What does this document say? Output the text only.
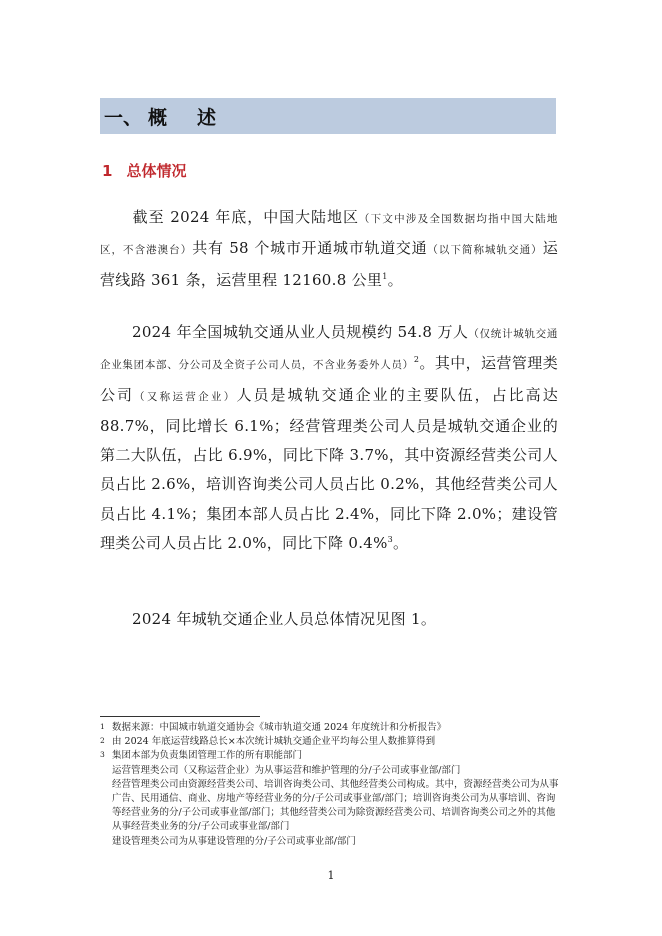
一、 概述
1 总体情况
截至 2024 年底，中国大陆地区（下文中涉及全国数据均指中国大陆地区，不含港澳台）共有 58 个城市开通城市轨道交通（以下简称城轨交通）运营线路 361 条，运营里程 12160.8 公里$^1$。
2024 年全国城轨交通从业人员规模约 54.8 万人（仅统计城轨交通企业集团本部、分公司及全资子公司人员，不含业务委外人员）$^2$。其中，运营管理类公司（又称运营企业）人员是城轨交通企业的主要队伍，占比高达 88.7%，同比增长 6.1%；经营管理类公司人员是城轨交通企业的第二大队伍，占比 6.9%，同比下降 3.7%，其中资源经营类公司人员占比 2.6%，培训咨询类公司人员占比 0.2%，其他经营类公司人员占比 4.1%；集团本部人员占比 2.4%，同比下降 2.0%；建设管理类公司人员占比 2.0%，同比下降 0.4%$^3$。
2024 年城轨交通企业人员总体情况见图 1。
1 数据来源：中国城市轨道交通协会《城市轨道交通 2024 年度统计和分析报告》
2 由 2024 年底运营线路总长×本次统计城轨交通企业平均每公里人数推算得到
3 集团本部为负责集团管理工作的所有职能部门
运营管理类公司（又称运营企业）为从事运营和维护管理的分/子公司或事业部/部门
经营管理类公司由资源经营类公司、培训咨询类公司、其他经营类公司构成。其中，资源经营类公司为从事广告、民用通信、商业、房地产等经营业务的分/子公司或事业部/部门；培训咨询类公司为从事培训、咨询等经营业务的分/子公司或事业部/部门；其他经营类公司为除资源经营类公司、培训咨询类公司之外的其他从事经营类业务的分/子公司或事业部/部门
建设管理类公司为从事建设管理的分/子公司或事业部/部门
1
